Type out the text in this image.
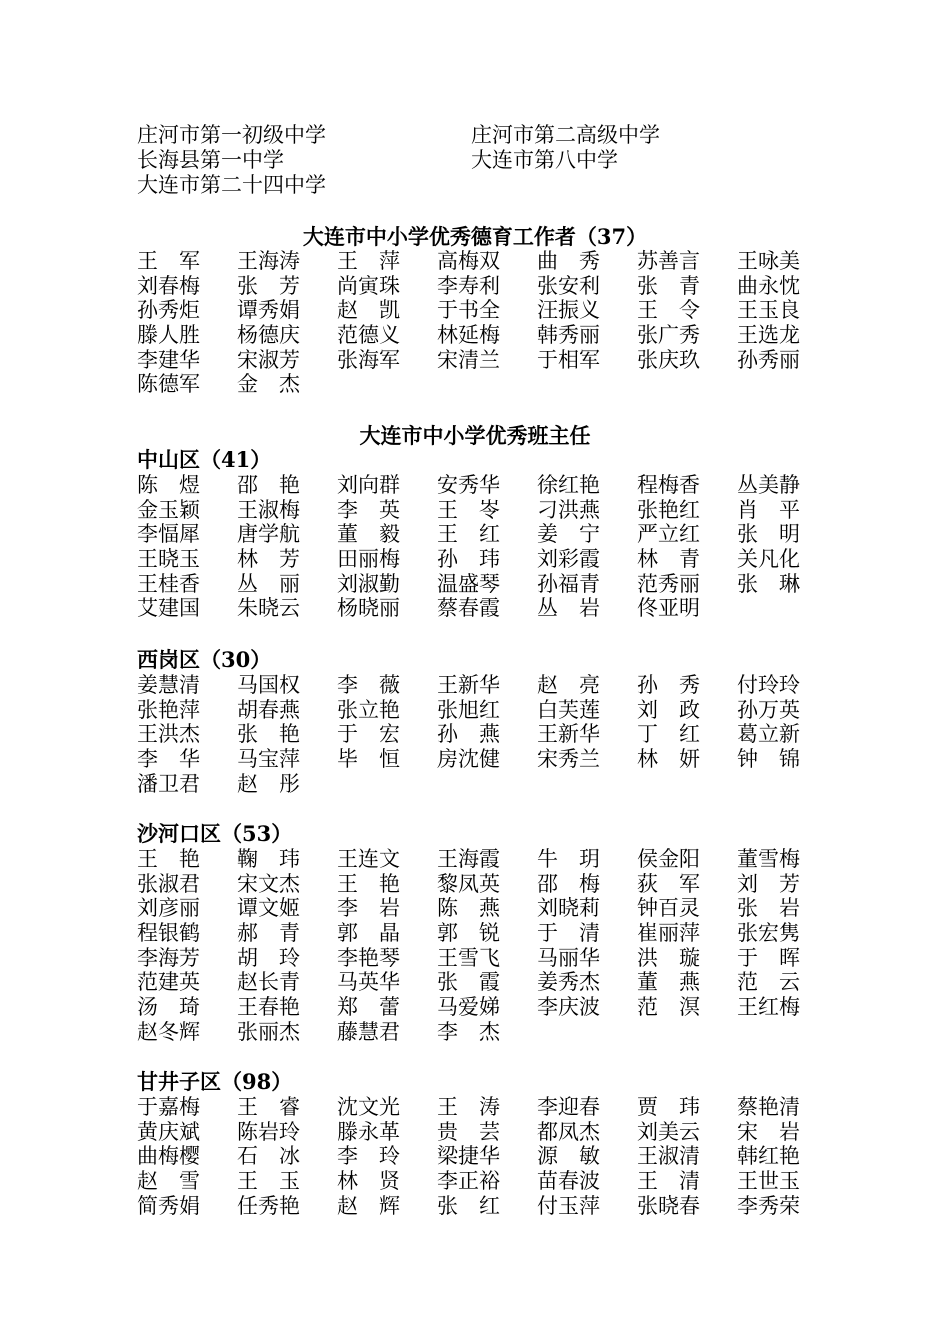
庄河市第一初级中学	庄河市第二高级中学
长海县第一中学	大连市第八中学
大连市第二十四中学
大连市中小学优秀德育工作者（37）
王　军	王海涛	王　萍	高梅双	曲　秀	苏善言	王咏美
刘春梅	张　芳	尚寅珠	李寿利	张安利	张　青	曲永忱
孙秀炬	谭秀娟	赵　凯	于书全	汪振义	王　令	王玉良
滕人胜	杨德庆	范德义	林延梅	韩秀丽	张广秀	王选龙
李建华	宋淑芳	张海军	宋清兰	于相军	张庆玖	孙秀丽
陈德军	金　杰
大连市中小学优秀班主任
中山区（41）
陈　煜	邵　艳	刘向群	安秀华	徐红艳	程梅香	丛美静
金玉颖	王淑梅	李　英	王　岺	刁洪燕	张艳红	肖　平
李愊犀	唐学航	董　毅	王　红	姜　宁	严立红	张　明
王晓玉	林　芳	田丽梅	孙　玮	刘彩霞	林　青	关凡化
王桂香	丛　丽	刘淑勤	温盛琴	孙福青	范秀丽	张　琳
艾建国	朱晓云	杨晓丽	蔡春霞	丛　岩	佟亚明
西岗区（30）
姜慧清	马国权	李　薇	王新华	赵　亮	孙　秀	付玲玲
张艳萍	胡春燕	张立艳	张旭红	白芙莲	刘　政	孙万英
王洪杰	张　艳	于　宏	孙　燕	王新华	丁　红	葛立新
李　华	马宝萍	毕　恒	房沈健	宋秀兰	林　妍	钟　锦
潘卫君	赵　彤
沙河口区（53）
王　艳	鞠　玮	王连文	王海霞	牛　玥	侯金阳	董雪梅
张淑君	宋文杰	王　艳	黎凤英	邵　梅	荻　军	刘　芳
刘彦丽	谭文姬	李　岩	陈　燕	刘晓莉	钟百灵	张　岩
程银鹤	郝　青	郭　晶	郭　锐	于　清	崔丽萍	张宏隽
李海芳	胡　玲	李艳琴	王雪飞	马丽华	洪　璇	于　晖
范建英	赵长青	马英华	张　霞	姜秀杰	董　燕	范　云
汤　琦	王春艳	郑　蕾	马爱娣	李庆波	范　溟	王红梅
赵冬辉	张丽杰	藤慧君	李　杰
甘井子区（98）
于嘉梅	王　睿	沈文光	王　涛	李迎春	贾　玮	蔡艳清
黄庆斌	陈岩玲	滕永革	贵　芸	都凤杰	刘美云	宋　岩
曲梅樱	石　冰	李　玲	梁捷华	源　敏	王淑清	韩红艳
赵　雪	王　玉	林　贤	李正裕	苗春波	王　清	王世玉
简秀娟	任秀艳	赵　辉	张　红	付玉萍	张晓春	李秀荣
